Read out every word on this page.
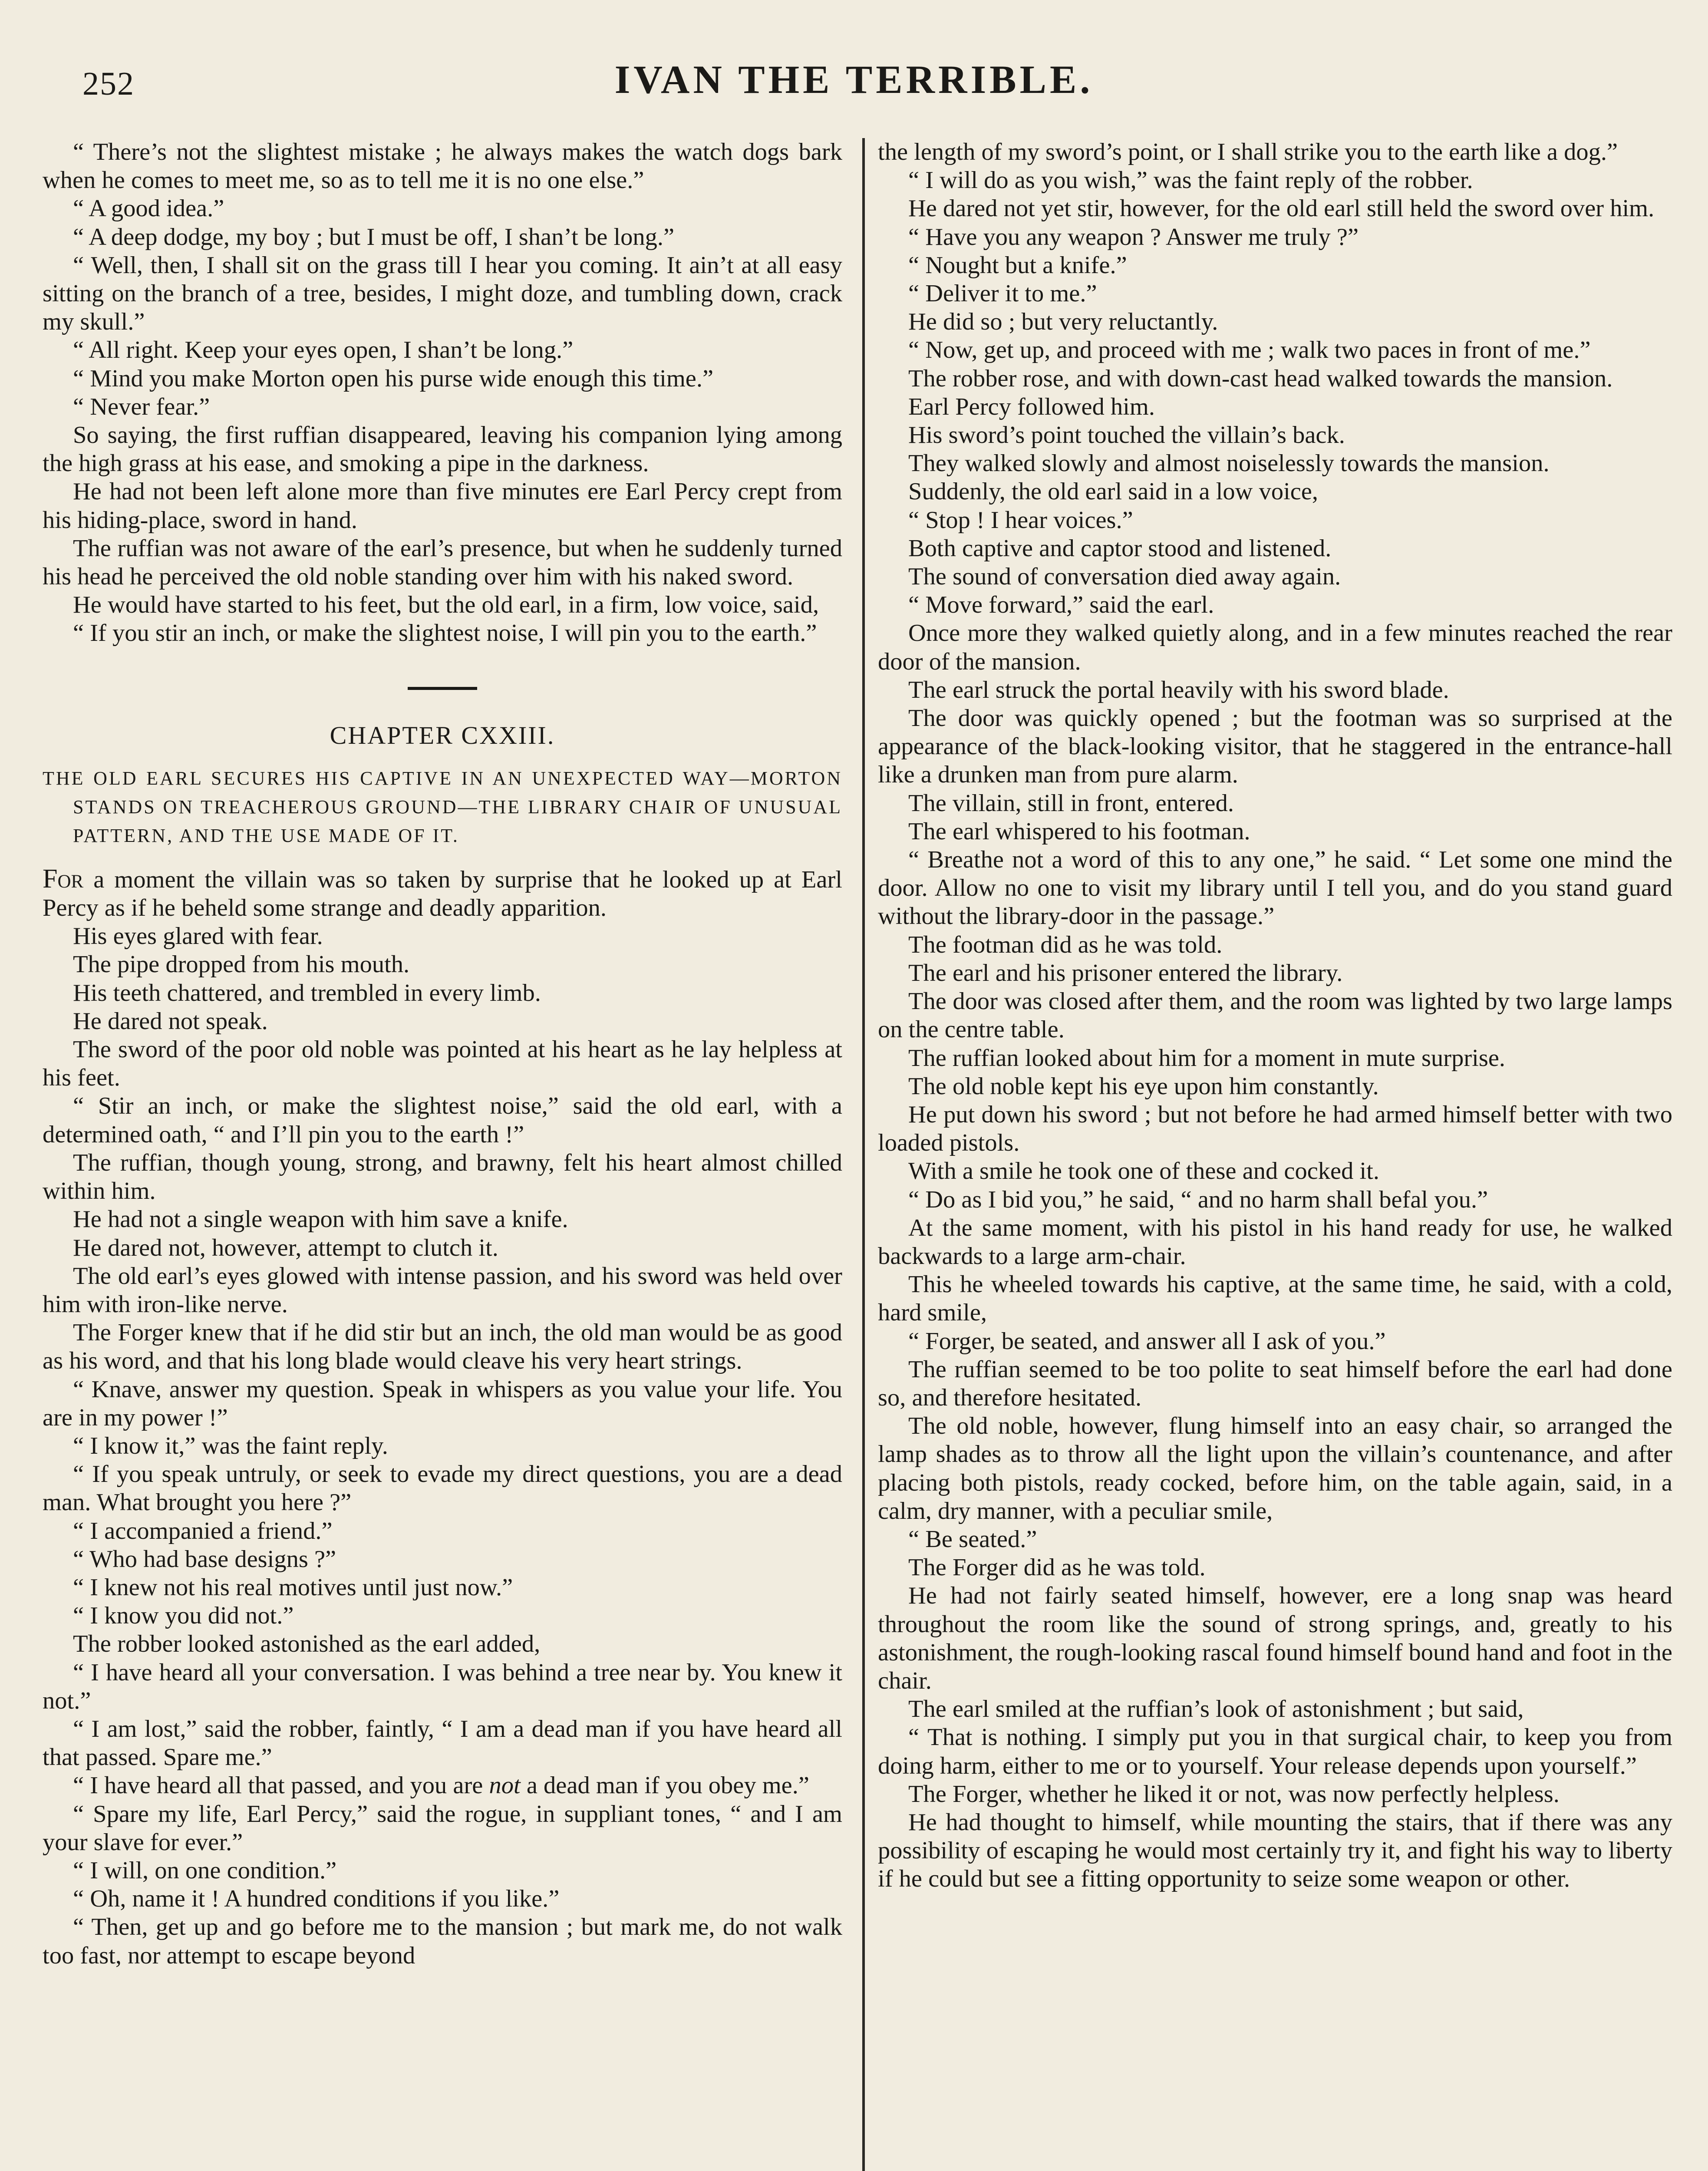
252	IVAN THE TERRIBLE.

“ There’s not the slightest mistake ; he always makes the watch dogs bark when he comes to meet me, so as to tell me it is no one else.”

“ A good idea.”

“ A deep dodge, my boy ; but I must be off, I shan’t be long.”

“ Well, then, I shall sit on the grass till I hear you coming. It ain’t at all easy sitting on the branch of a tree, besides, I might doze, and tumbling down, crack my skull.”

“ All right. Keep your eyes open, I shan’t be long.”

“ Mind you make Morton open his purse wide enough this time.”

“ Never fear.”

So saying, the first ruffian disappeared, leaving his companion lying among the high grass at his ease, and smoking a pipe in the darkness.

He had not been left alone more than five minutes ere Earl Percy crept from his hiding-place, sword in hand.

The ruffian was not aware of the earl’s presence, but when he suddenly turned his head he perceived the old noble standing over him with his naked sword.

He would have started to his feet, but the old earl, in a firm, low voice, said,

“ If you stir an inch, or make the slightest noise, I will pin you to the earth.”

CHAPTER CXXIII.

THE OLD EARL SECURES HIS CAPTIVE IN AN UNEXPECTED WAY—MORTON STANDS ON TREACHEROUS GROUND—THE LIBRARY CHAIR OF UNUSUAL PATTERN, AND THE USE MADE OF IT.

For a moment the villain was so taken by surprise that he looked up at Earl Percy as if he beheld some strange and deadly apparition.

His eyes glared with fear.

The pipe dropped from his mouth.

His teeth chattered, and trembled in every limb.

He dared not speak.

The sword of the poor old noble was pointed at his heart as he lay helpless at his feet.

“ Stir an inch, or make the slightest noise,” said the old earl, with a determined oath, “ and I’ll pin you to the earth !”

The ruffian, though young, strong, and brawny, felt his heart almost chilled within him.

He had not a single weapon with him save a knife.

He dared not, however, attempt to clutch it.

The old earl’s eyes glowed with intense passion, and his sword was held over him with iron-like nerve.

The Forger knew that if he did stir but an inch, the old man would be as good as his word, and that his long blade would cleave his very heart strings.

“ Knave, answer my question. Speak in whispers as you value your life. You are in my power !”

“ I know it,” was the faint reply.

“ If you speak untruly, or seek to evade my direct questions, you are a dead man. What brought you here ?”

“ I accompanied a friend.”

“ Who had base designs ?”

“ I knew not his real motives until just now.”

“ I know you did not.”

The robber looked astonished as the earl added,

“ I have heard all your conversation. I was behind a tree near by. You knew it not.”

“ I am lost,” said the robber, faintly, “ I am a dead man if you have heard all that passed. Spare me.”

“ I have heard all that passed, and you are not a dead man if you obey me.”

“ Spare my life, Earl Percy,” said the rogue, in suppliant tones, “ and I am your slave for ever.”

“ I will, on one condition.”

“ Oh, name it ! A hundred conditions if you like.”

“ Then, get up and go before me to the mansion ; but mark me, do not walk too fast, nor attempt to escape beyond

the length of my sword’s point, or I shall strike you to the earth like a dog.”

“ I will do as you wish,” was the faint reply of the robber.

He dared not yet stir, however, for the old earl still held the sword over him.

“ Have you any weapon ? Answer me truly ?”

“ Nought but a knife.”

“ Deliver it to me.”

He did so ; but very reluctantly.

“ Now, get up, and proceed with me ; walk two paces in front of me.”

The robber rose, and with down-cast head walked towards the mansion.

Earl Percy followed him.

His sword’s point touched the villain’s back.

They walked slowly and almost noiselessly towards the mansion.

Suddenly, the old earl said in a low voice,

“ Stop ! I hear voices.”

Both captive and captor stood and listened.

The sound of conversation died away again.

“ Move forward,” said the earl.

Once more they walked quietly along, and in a few minutes reached the rear door of the mansion.

The earl struck the portal heavily with his sword blade.

The door was quickly opened ; but the footman was so surprised at the appearance of the black-looking visitor, that he staggered in the entrance-hall like a drunken man from pure alarm.

The villain, still in front, entered.

The earl whispered to his footman.

“ Breathe not a word of this to any one,” he said. “ Let some one mind the door. Allow no one to visit my library until I tell you, and do you stand guard without the library-door in the passage.”

The footman did as he was told.

The earl and his prisoner entered the library.

The door was closed after them, and the room was lighted by two large lamps on the centre table.

The ruffian looked about him for a moment in mute surprise.

The old noble kept his eye upon him constantly.

He put down his sword ; but not before he had armed himself better with two loaded pistols.

With a smile he took one of these and cocked it.

“ Do as I bid you,” he said, “ and no harm shall befal you.”

At the same moment, with his pistol in his hand ready for use, he walked backwards to a large arm-chair.

This he wheeled towards his captive, at the same time, he said, with a cold, hard smile,

“ Forger, be seated, and answer all I ask of you.”

The ruffian seemed to be too polite to seat himself before the earl had done so, and therefore hesitated.

The old noble, however, flung himself into an easy chair, so arranged the lamp shades as to throw all the light upon the villain’s countenance, and after placing both pistols, ready cocked, before him, on the table again, said, in a calm, dry manner, with a peculiar smile,

“ Be seated.”

The Forger did as he was told.

He had not fairly seated himself, however, ere a long snap was heard throughout the room like the sound of strong springs, and, greatly to his astonishment, the rough-looking rascal found himself bound hand and foot in the chair.

The earl smiled at the ruffian’s look of astonishment ; but said,

“ That is nothing. I simply put you in that surgical chair, to keep you from doing harm, either to me or to yourself. Your release depends upon yourself.”

The Forger, whether he liked it or not, was now perfectly helpless.

He had thought to himself, while mounting the stairs, that if there was any possibility of escaping he would most certainly try it, and fight his way to liberty if he could but see a fitting opportunity to seize some weapon or other.
